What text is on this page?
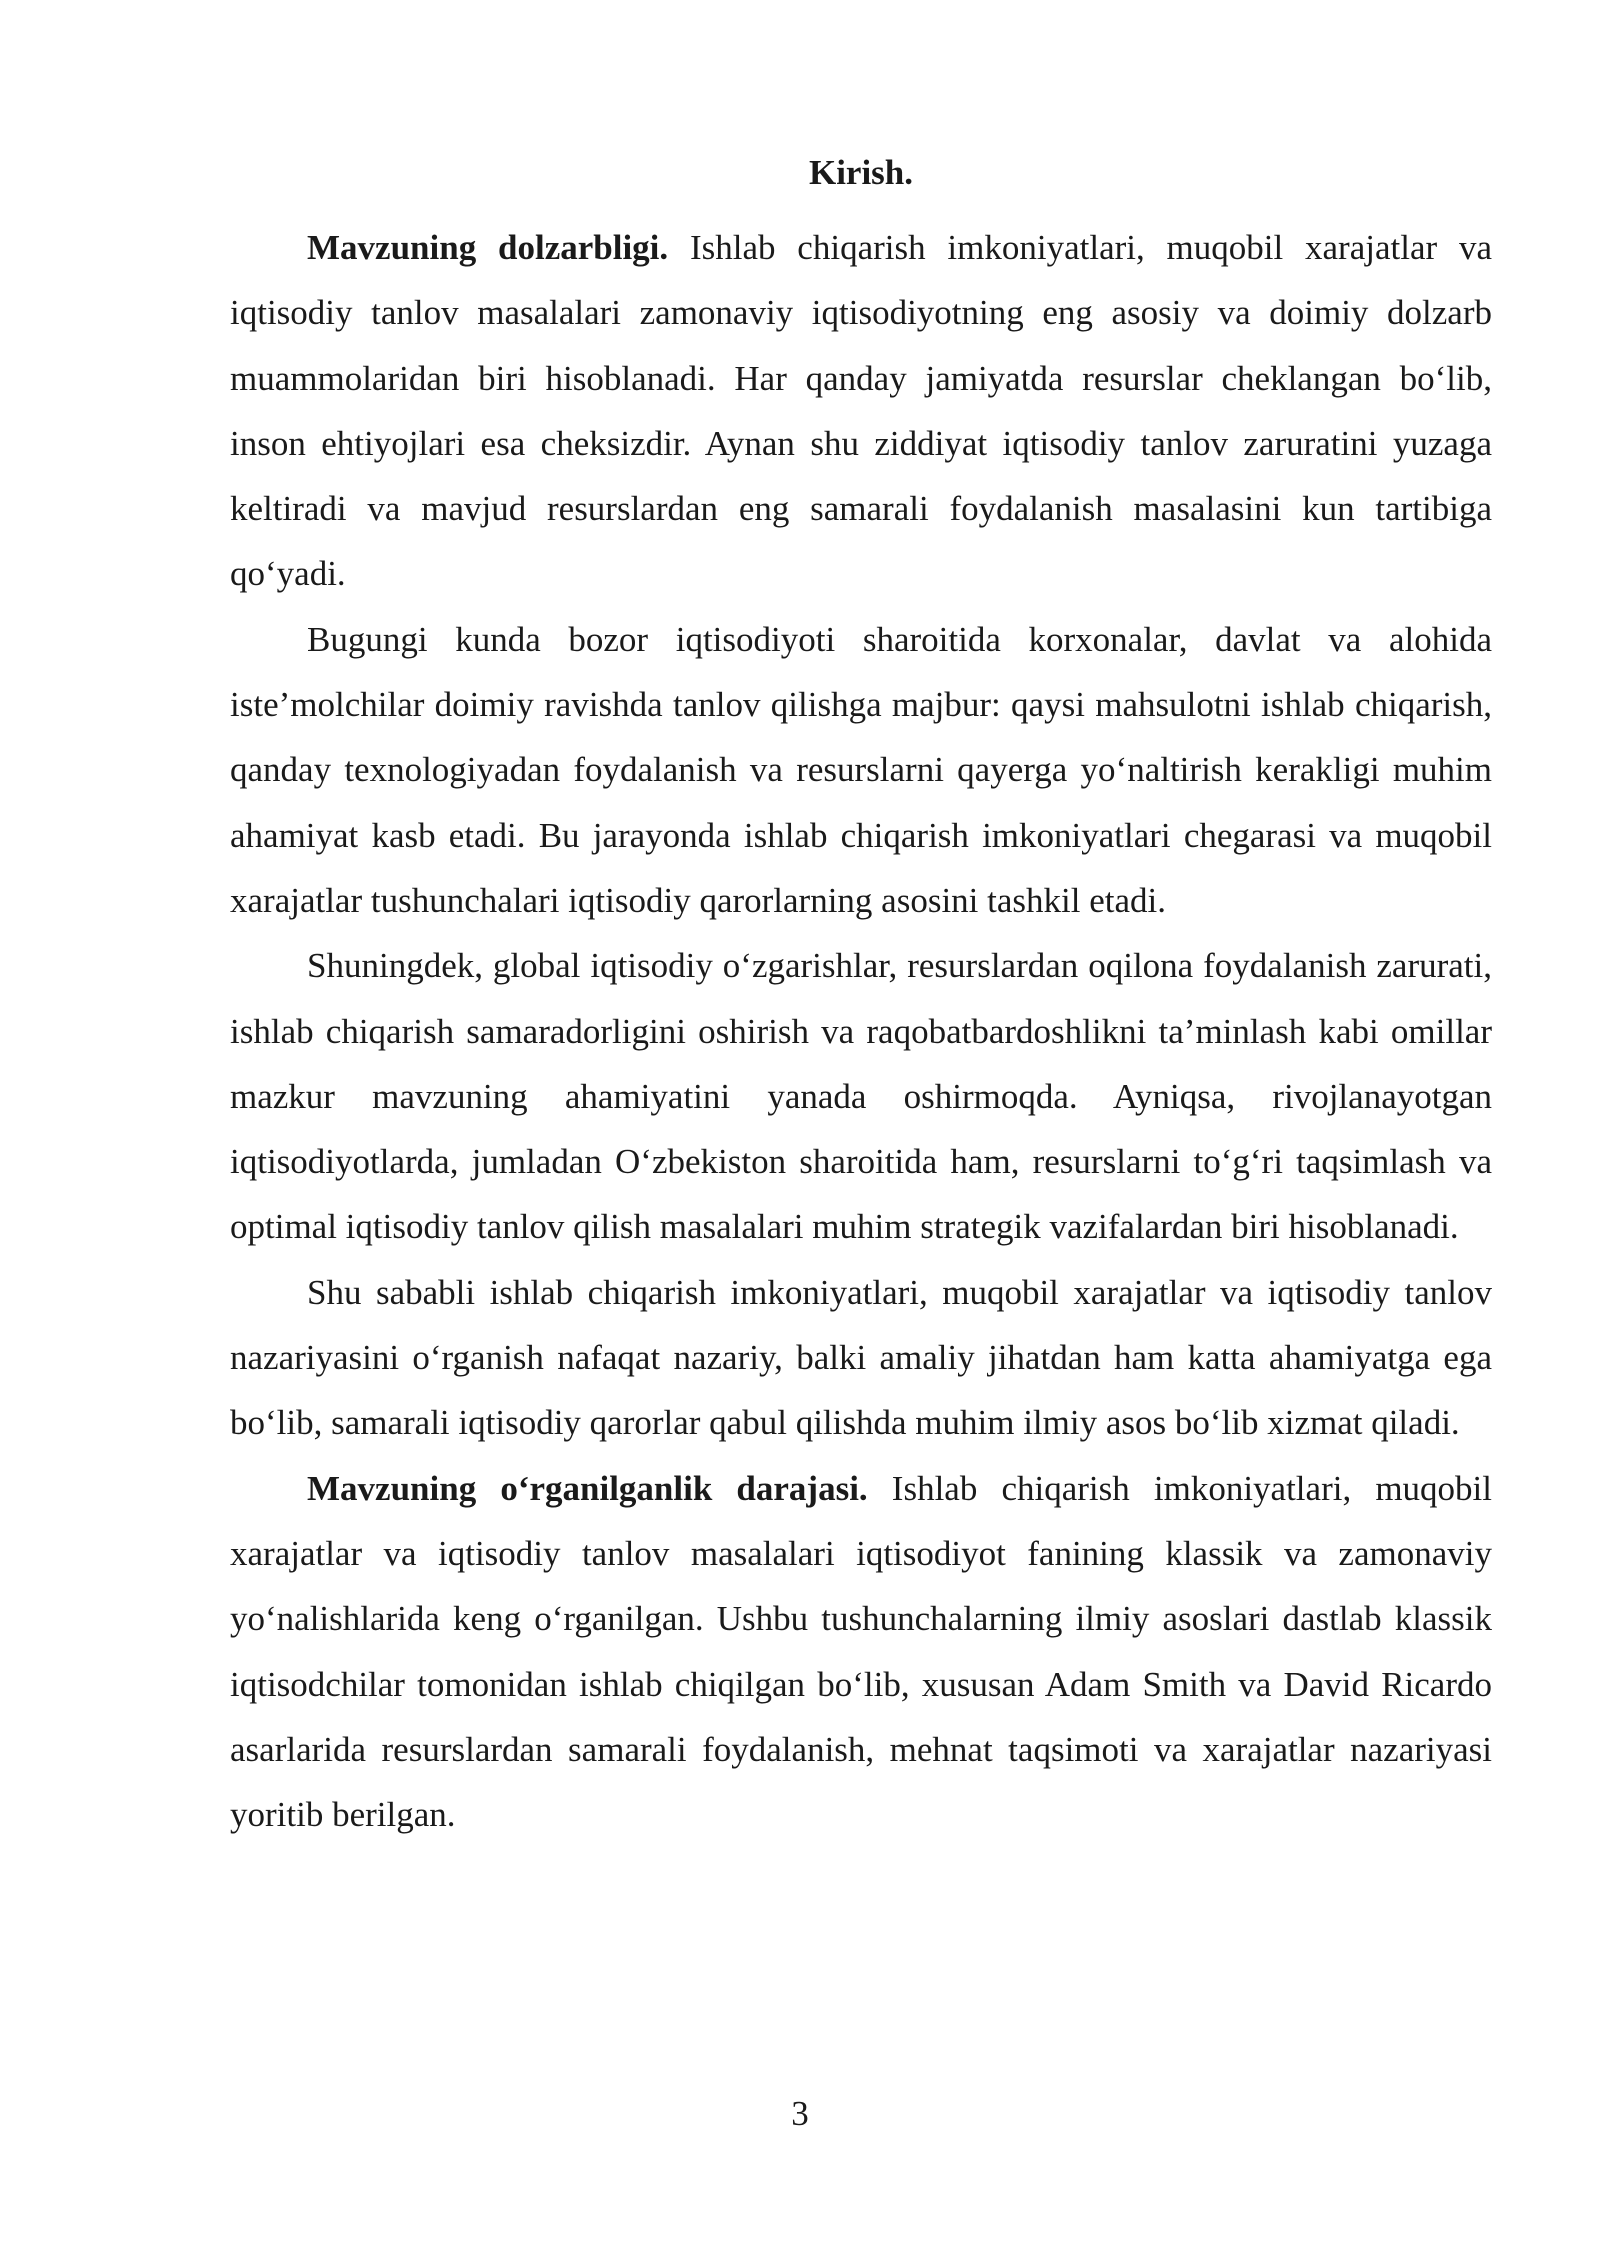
Kirish.

Mavzuning dolzarbligi. Ishlab chiqarish imkoniyatlari, muqobil xarajatlar va iqtisodiy tanlov masalalari zamonaviy iqtisodiyotning eng asosiy va doimiy dolzarb muammolaridan biri hisoblanadi. Har qanday jamiyatda resurslar cheklangan bo‘lib, inson ehtiyojlari esa cheksizdir. Aynan shu ziddiyat iqtisodiy tanlov zaruratini yuzaga keltiradi va mavjud resurslardan eng samarali foydalanish masalasini kun tartibiga qo‘yadi.

Bugungi kunda bozor iqtisodiyoti sharoitida korxonalar, davlat va alohida iste’molchilar doimiy ravishda tanlov qilishga majbur: qaysi mahsulotni ishlab chiqarish, qanday texnologiyadan foydalanish va resurslarni qayerga yo‘naltirish kerakligi muhim ahamiyat kasb etadi. Bu jarayonda ishlab chiqarish imkoniyatlari chegarasi va muqobil xarajatlar tushunchalari iqtisodiy qarorlarning asosini tashkil etadi.

Shuningdek, global iqtisodiy o‘zgarishlar, resurslardan oqilona foydalanish zarurati, ishlab chiqarish samaradorligini oshirish va raqobatbardoshlikni ta’minlash kabi omillar mazkur mavzuning ahamiyatini yanada oshirmoqda. Ayniqsa, rivojlanayotgan iqtisodiyotlarda, jumladan O‘zbekiston sharoitida ham, resurslarni to‘g‘ri taqsimlash va optimal iqtisodiy tanlov qilish masalalari muhim strategik vazifalardan biri hisoblanadi.

Shu sababli ishlab chiqarish imkoniyatlari, muqobil xarajatlar va iqtisodiy tanlov nazariyasini o‘rganish nafaqat nazariy, balki amaliy jihatdan ham katta ahamiyatga ega bo‘lib, samarali iqtisodiy qarorlar qabul qilishda muhim ilmiy asos bo‘lib xizmat qiladi.

Mavzuning o‘rganilganlik darajasi. Ishlab chiqarish imkoniyatlari, muqobil xarajatlar va iqtisodiy tanlov masalalari iqtisodiyot fanining klassik va zamonaviy yo‘nalishlarida keng o‘rganilgan. Ushbu tushunchalarning ilmiy asoslari dastlab klassik iqtisodchilar tomonidan ishlab chiqilgan bo‘lib, xususan Adam Smith va David Ricardo asarlarida resurslardan samarali foydalanish, mehnat taqsimoti va xarajatlar nazariyasi yoritib berilgan.

3
